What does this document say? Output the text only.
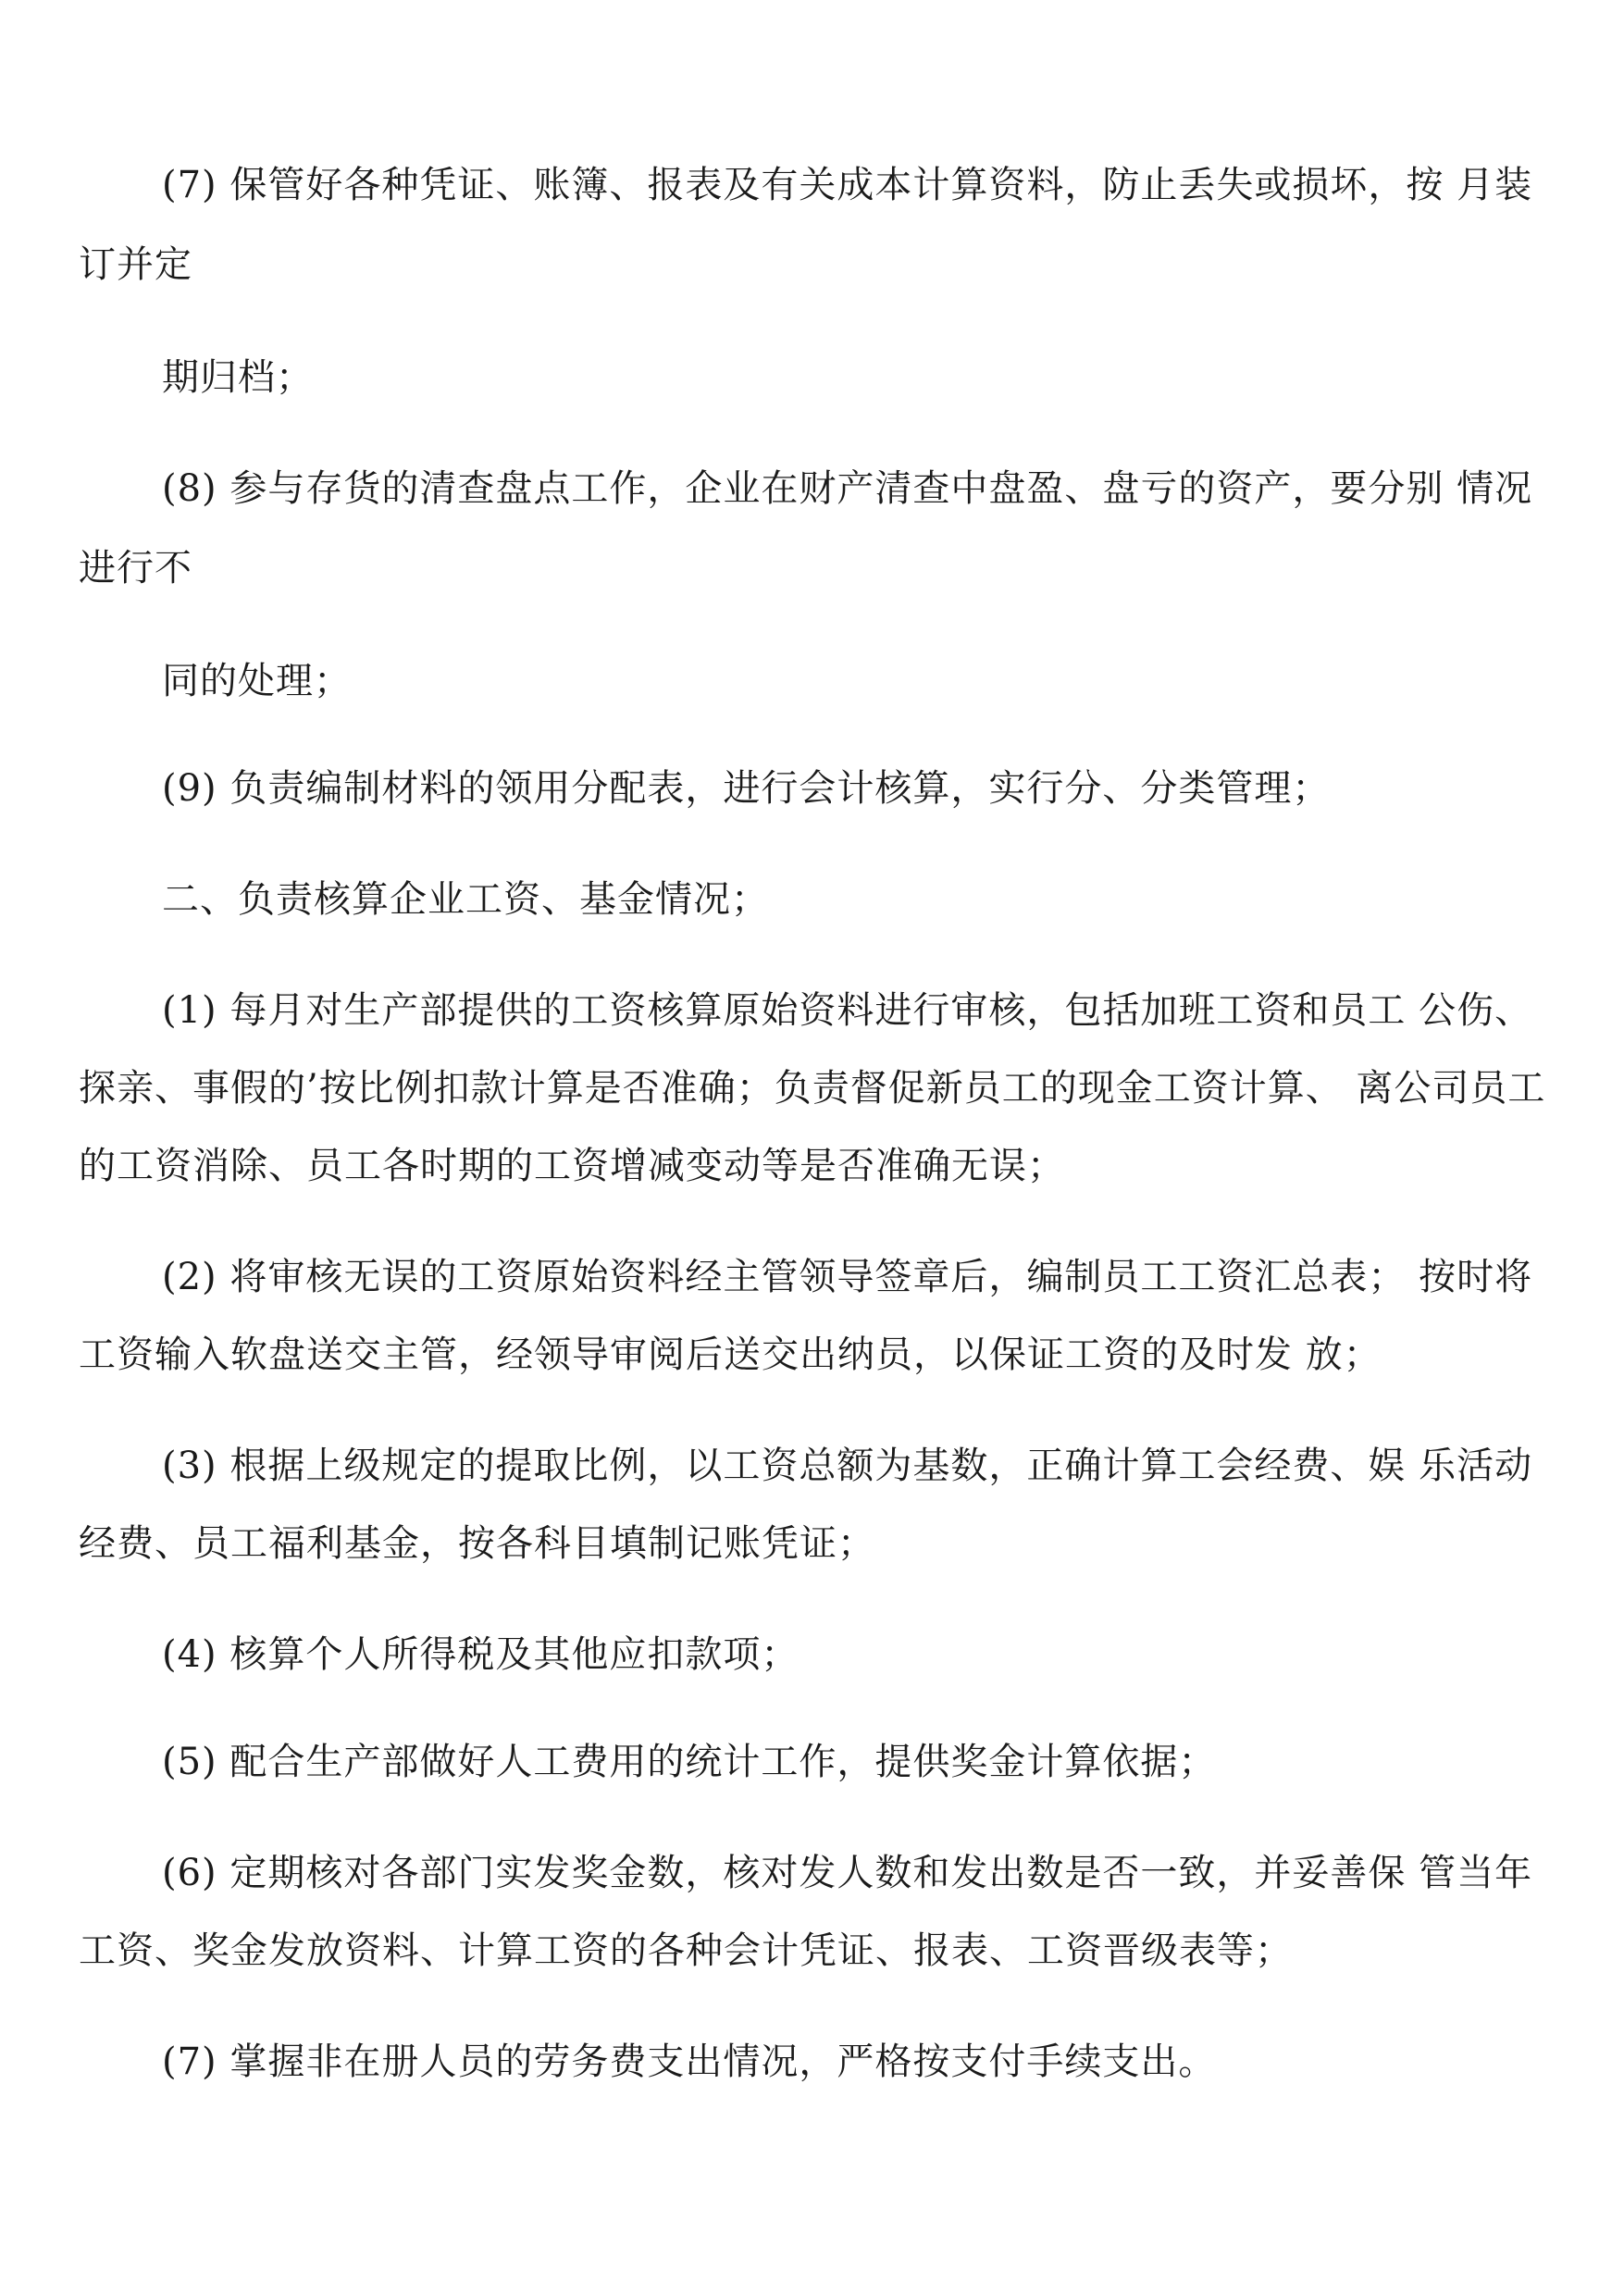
(7) 保管好各种凭证、账簿、报表及有关成本计算资料，防止丢失或损坏，按 月装
订并定
期归档；
(8) 参与存货的清查盘点工作，企业在财产清查中盘盈、盘亏的资产，要分别 情况
进行不
同的处理；
(9) 负责编制材料的领用分配表，进行会计核算，实行分、分类管理；
二、负责核算企业工资、基金情况；
(1) 每月对生产部提供的工资核算原始资料进行审核，包括加班工资和员工 公伤、
探亲、事假的’按比例扣款计算是否准确；负责督促新员工的现金工资计算、 离公司员工
的工资消除、员工各时期的工资增减变动等是否准确无误；
(2) 将审核无误的工资原始资料经主管领导签章后，编制员工工资汇总表； 按时将
工资输入软盘送交主管，经领导审阅后送交出纳员，以保证工资的及时发 放；
(3) 根据上级规定的提取比例，以工资总额为基数，正确计算工会经费、娱 乐活动
经费、员工福利基金，按各科目填制记账凭证；
(4) 核算个人所得税及其他应扣款项；
(5) 配合生产部做好人工费用的统计工作，提供奖金计算依据；
(6) 定期核对各部门实发奖金数，核对发人数和发出数是否一致，并妥善保 管当年
工资、奖金发放资料、计算工资的各种会计凭证、报表、工资晋级表等；
(7) 掌握非在册人员的劳务费支出情况，严格按支付手续支出。
